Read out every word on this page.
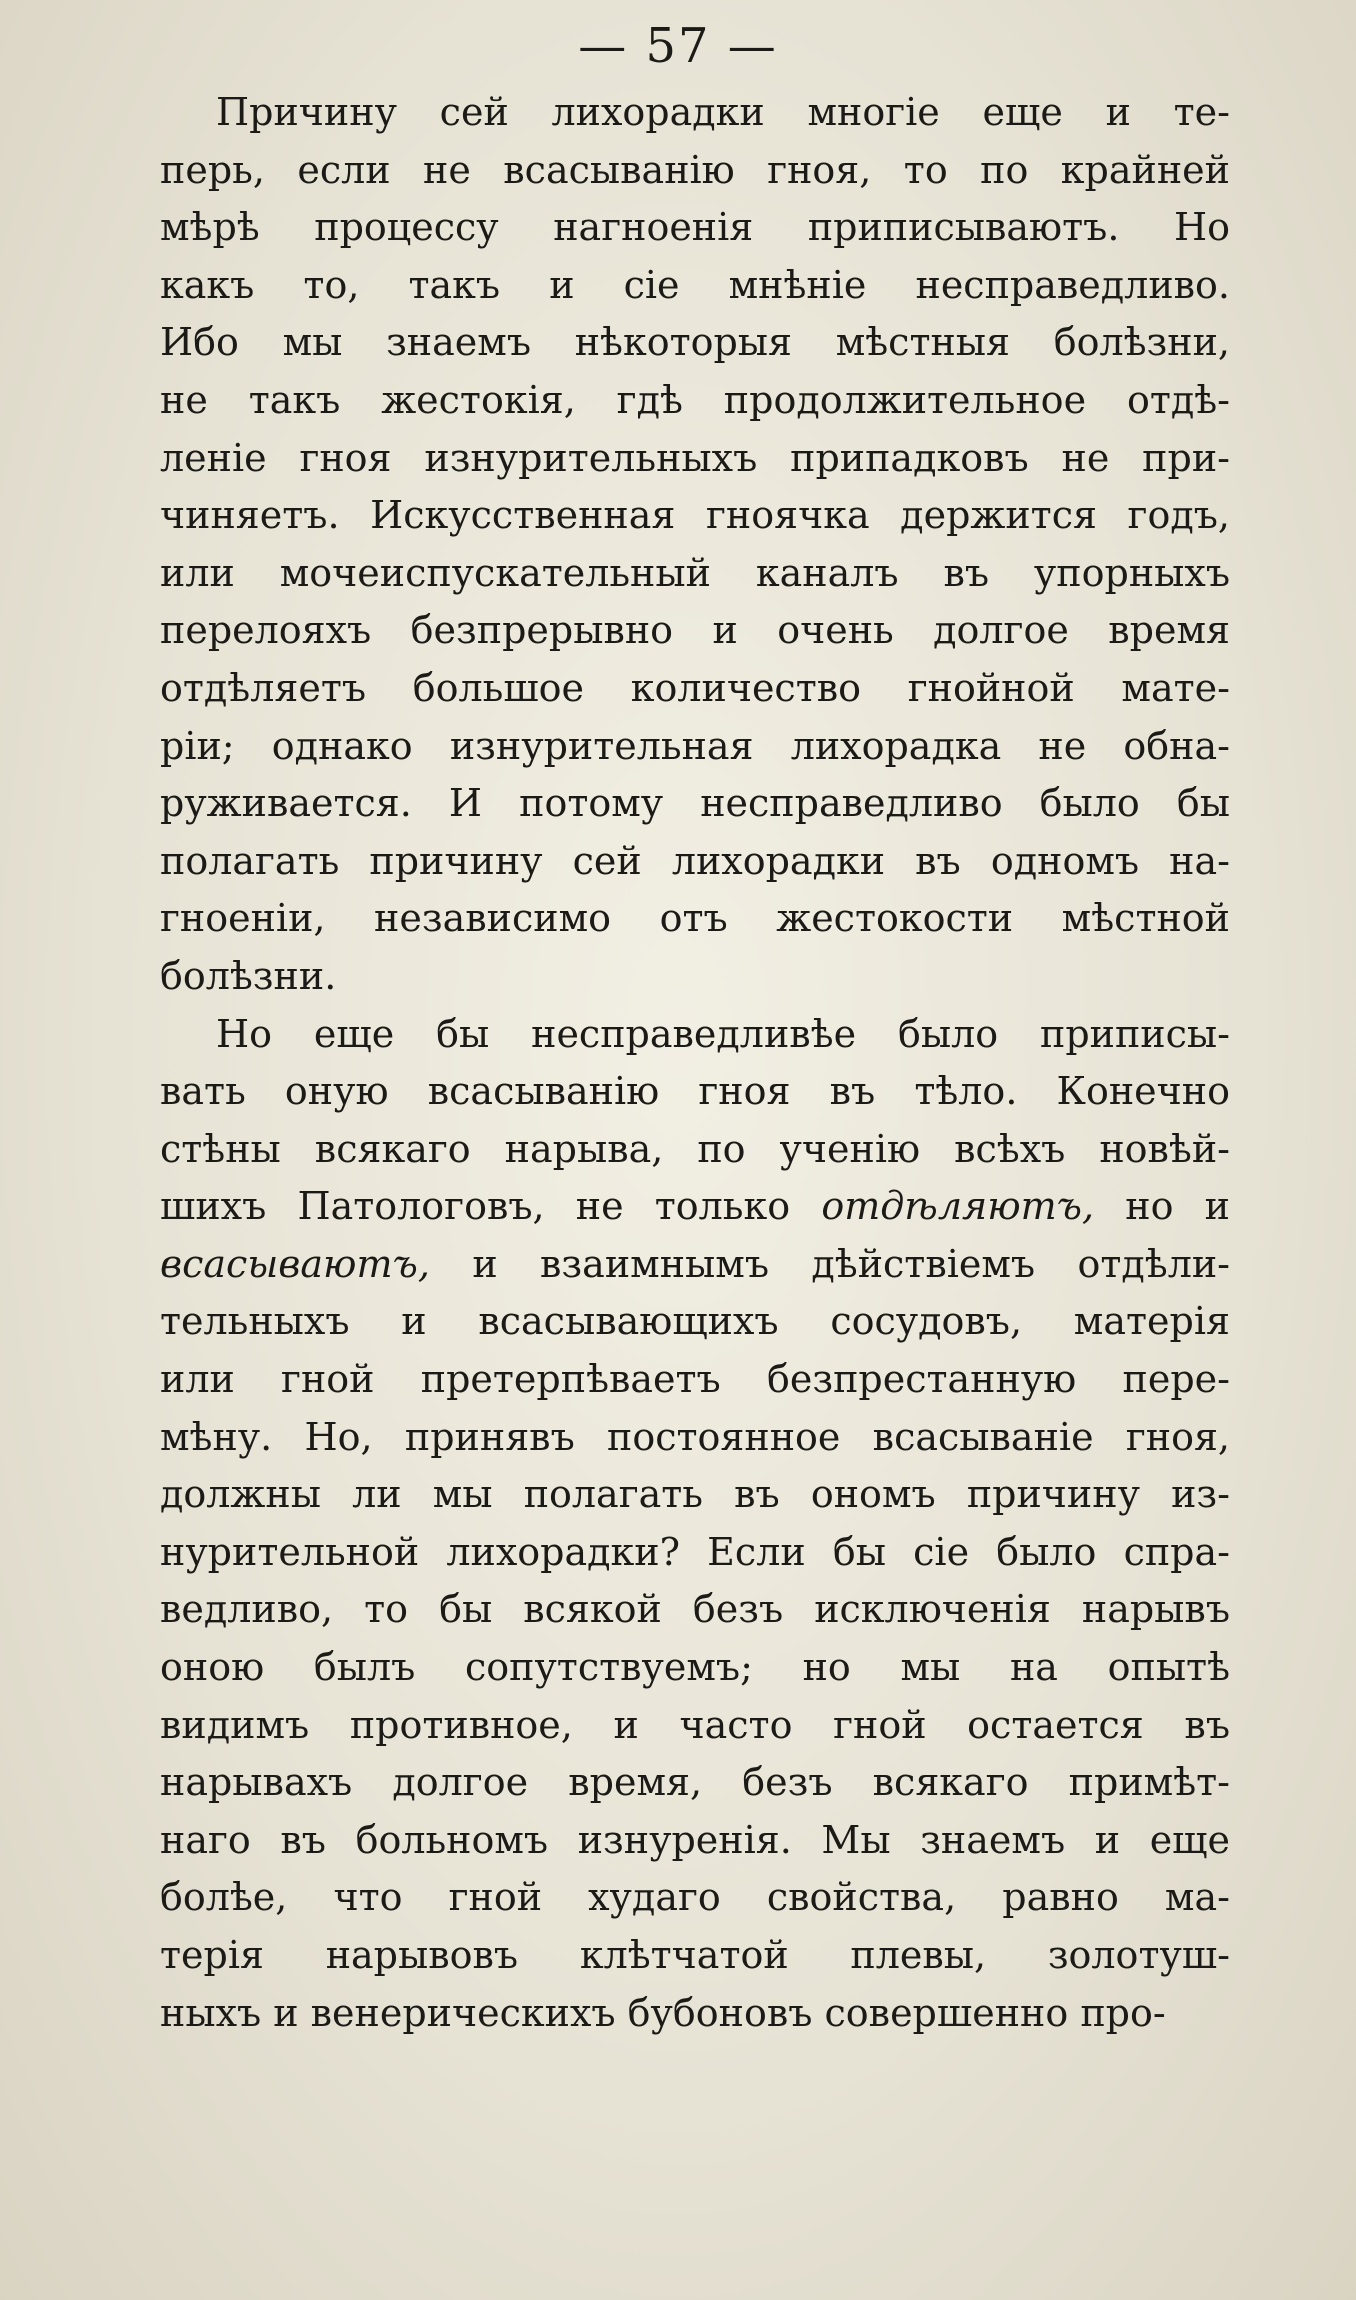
— 57 —
Причину сей лихорадки многіе еще и те-
перь, если не всасыванію гноя, то по крайней
мѣрѣ процессу нагноенія приписываютъ. Но
какъ то, такъ и сіе мнѣніе несправедливо.
Ибо мы знаемъ нѣкоторыя мѣстныя болѣзни,
не такъ жестокія, гдѣ продолжительное отдѣ-
леніе гноя изнурительныхъ припадковъ не при-
чиняетъ. Искусственная гноячка держится годъ,
или мочеиспускательный каналъ въ упорныхъ
перелояхъ безпрерывно и очень долгое время
отдѣляетъ большое количество гнойной мате-
ріи; однако изнурительная лихорадка не обна-
руживается. И потому несправедливо было бы
полагать причину сей лихорадки въ одномъ на-
гноеніи, независимо отъ жестокости мѣстной
болѣзни.
Но еще бы несправедливѣе было приписы-
вать оную всасыванію гноя въ тѣло. Конечно
стѣны всякаго нарыва, по ученію всѣхъ новѣй-
шихъ Патологовъ, не только отдѣляютъ, но и
всасываютъ, и взаимнымъ дѣйствіемъ отдѣли-
тельныхъ и всасывающихъ сосудовъ, матерія
или гной претерпѣваетъ безпрестанную пере-
мѣну. Но, принявъ постоянное всасываніе гноя,
должны ли мы полагать въ ономъ причину из-
нурительной лихорадки? Если бы сіе было спра-
ведливо, то бы всякой безъ исключенія нарывъ
оною былъ сопутствуемъ; но мы на опытѣ
видимъ противное, и часто гной остается въ
нарывахъ долгое время, безъ всякаго примѣт-
наго въ больномъ изнуренія. Мы знаемъ и еще
болѣе, что гной худаго свойства, равно ма-
терія нарывовъ клѣтчатой плевы, золотуш-
ныхъ и венерическихъ бубоновъ совершенно про-
